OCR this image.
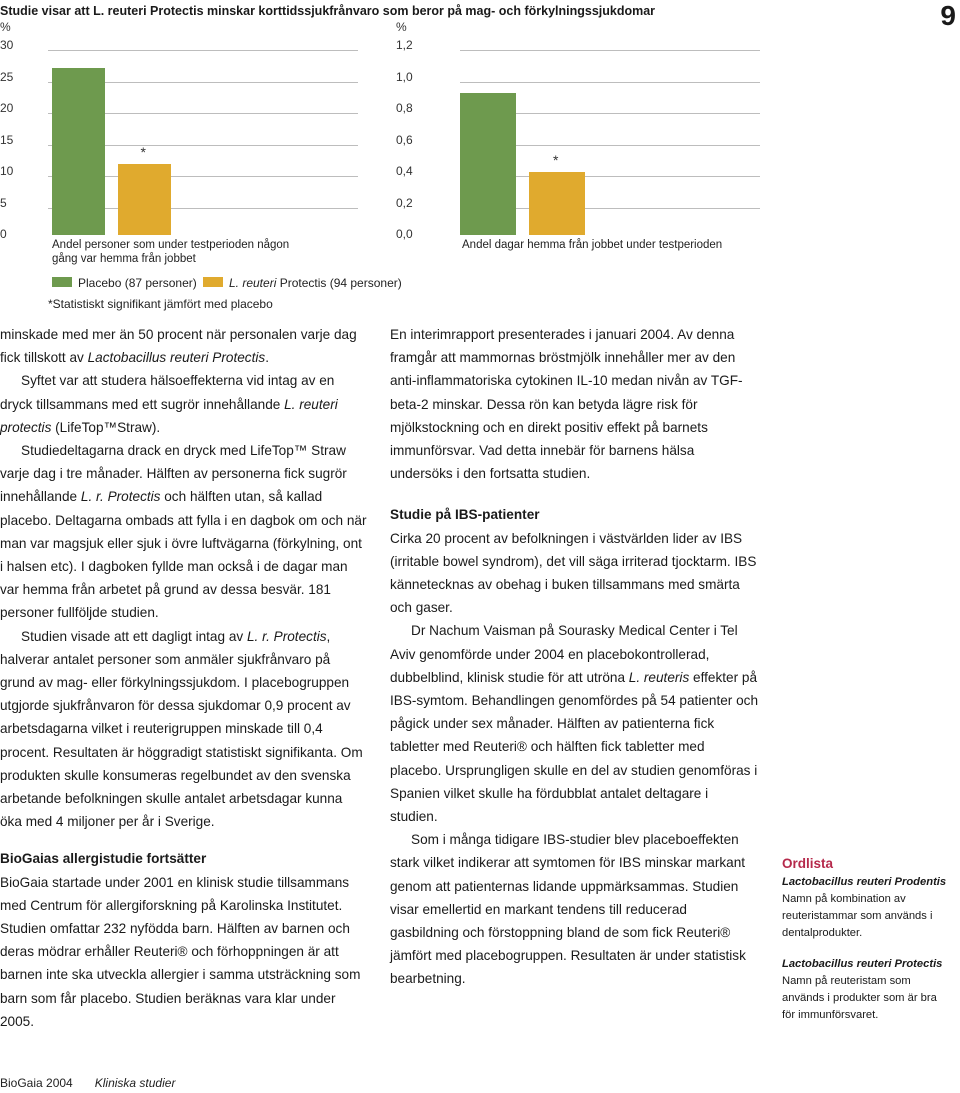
Studie visar att L. reuteri Protectis minskar korttidssjukfrånvaro som beror på mag- och förkylningssjukdomar	9
%
0
5
10
15
20
25
30
*
Andel personer som under testperioden någon gång var hemma från jobbet
%
0,0
0,2
0,4
0,6
0,8
1,0
1,2
*
Andel dagar hemma från jobbet under testperioden
Placebo (87 personer)	L. reuteri Protectis (94 personer)
*Statistiskt signifikant jämfört med placebo

minskade med mer än 50 procent när personalen varje dag fick tillskott av Lactobacillus reuteri Protectis.

Syftet var att studera hälsoeffekterna vid intag av en dryck tillsammans med ett sugrör innehållande L. reuteri protectis (LifeTop™Straw).

Studiedeltagarna drack en dryck med LifeTop™ Straw varje dag i tre månader. Hälften av personerna fick sugrör innehållande L. r. Protectis och hälften utan, så kallad placebo. Deltagarna ombads att fylla i en dagbok om och när man var magsjuk eller sjuk i övre luftvägarna (förkylning, ont i halsen etc). I dagboken fyllde man också i de dagar man var hemma från arbetet på grund av dessa besvär. 181 personer fullföljde studien.

Studien visade att ett dagligt intag av L. r. Protectis, halverar antalet personer som anmäler sjukfrånvaro på grund av mag- eller förkylningssjukdom. I placebogruppen utgjorde sjukfrånvaron för dessa sjukdomar 0,9 procent av arbetsdagarna vilket i reuterigruppen minskade till 0,4 procent. Resultaten är höggradigt statistiskt signifikanta. Om produkten skulle konsumeras regelbundet av den svenska arbetande befolkningen skulle antalet arbetsdagar kunna öka med 4 miljoner per år i Sverige.

BioGaias allergistudie fortsätter

BioGaia startade under 2001 en klinisk studie tillsammans med Centrum för allergiforskning på Karolinska Institutet. Studien omfattar 232 nyfödda barn. Hälften av barnen och deras mödrar erhåller Reuteri® och förhoppningen är att barnen inte ska utveckla allergier i samma utsträckning som barn som får placebo. Studien beräknas vara klar under 2005.

En interimrapport presenterades i januari 2004. Av denna framgår att mammornas bröstmjölk innehåller mer av den anti-inflammatoriska cytokinen IL-10 medan nivån av TGF-beta-2 minskar. Dessa rön kan betyda lägre risk för mjölkstockning och en direkt positiv effekt på barnets immunförsvar. Vad detta innebär för barnens hälsa undersöks i den fortsatta studien.

Studie på IBS-patienter

Cirka 20 procent av befolkningen i västvärlden lider av IBS (irritable bowel syndrom), det vill säga irriterad tjocktarm. IBS kännetecknas av obehag i buken tillsammans med smärta och gaser.

Dr Nachum Vaisman på Sourasky Medical Center i Tel Aviv genomförde under 2004 en placebokontrollerad, dubbelblind, klinisk studie för att utröna L. reuteris effekter på IBS-symtom. Behandlingen genomfördes på 54 patienter och pågick under sex månader. Hälften av patienterna fick tabletter med Reuteri® och hälften fick tabletter med placebo. Ursprungligen skulle en del av studien genomföras i Spanien vilket skulle ha fördubblat antalet deltagare i studien.

Som i många tidigare IBS-studier blev placeboeffekten stark vilket indikerar att symtomen för IBS minskar markant genom att patienternas lidande uppmärksammas. Studien visar emellertid en markant tendens till reducerad gasbildning och förstoppning bland de som fick Reuteri® jämfört med placebogruppen. Resultaten är under statistisk bearbetning.

Ordlista

Lactobacillus reuteri Prodentis

Namn på kombination av reuteristammar som används i dentalprodukter.

Lactobacillus reuteri Protectis

Namn på reuteristam som används i produkter som är bra för immunförsvaret.

BioGaia 2004 Kliniska studier
